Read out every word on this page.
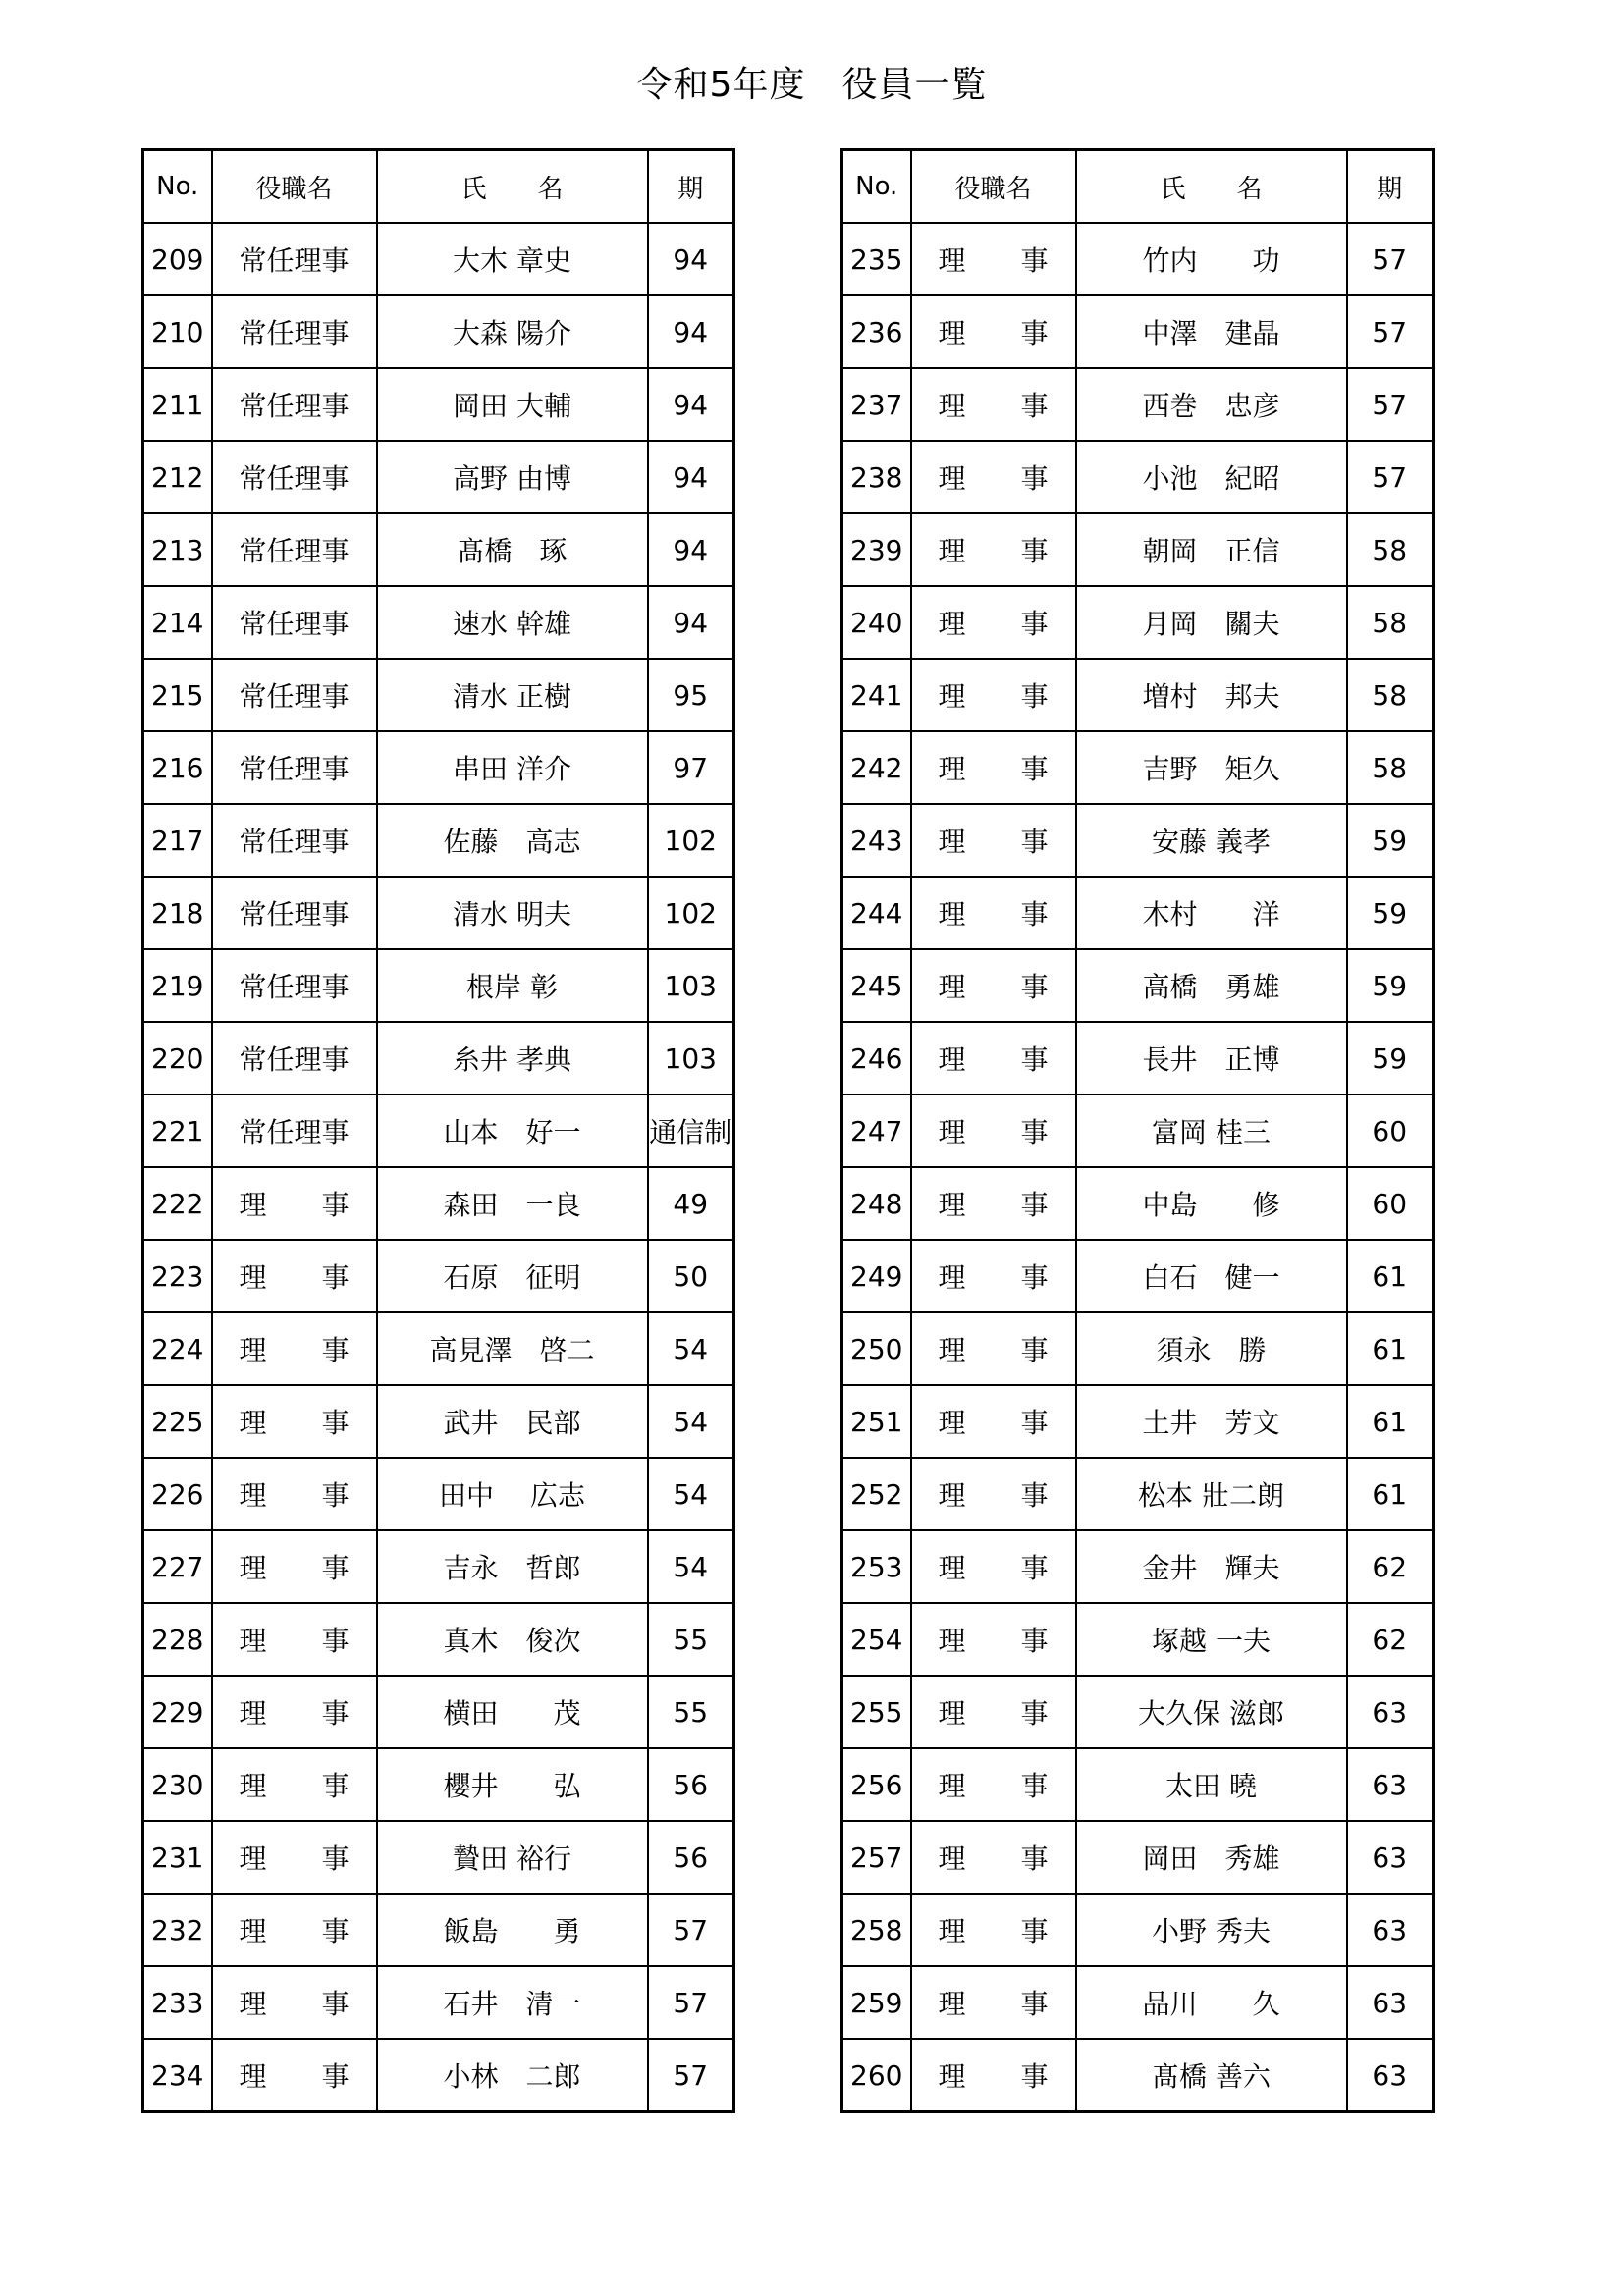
令和5年度　役員一覧
No.	役職名	氏　　名	期
209	常任理事	大木 章史	94
210	常任理事	大森 陽介	94
211	常任理事	岡田 大輔	94
212	常任理事	高野 由博	94
213	常任理事	髙橋　琢	94
214	常任理事	速水 幹雄	94
215	常任理事	清水 正樹	95
216	常任理事	串田 洋介	97
217	常任理事	佐藤　高志	102
218	常任理事	清水 明夫	102
219	常任理事	根岸 彰	103
220	常任理事	糸井 孝典	103
221	常任理事	山本　好一	通信制
222	理　　事	森田　一良	49
223	理　　事	石原　征明	50
224	理　　事	高見澤　啓二	54
225	理　　事	武井　民部	54
226	理　　事	田中　 広志	54
227	理　　事	吉永　哲郎	54
228	理　　事	真木　俊次	55
229	理　　事	横田　　茂	55
230	理　　事	櫻井　　弘	56
231	理　　事	贄田 裕行	56
232	理　　事	飯島　　勇	57
233	理　　事	石井　清一	57
234	理　　事	小林　二郎	57
No.	役職名	氏　　名	期
235	理　　事	竹内　　功	57
236	理　　事	中澤　建晶	57
237	理　　事	西巻　忠彦	57
238	理　　事	小池　紀昭	57
239	理　　事	朝岡　正信	58
240	理　　事	月岡　關夫	58
241	理　　事	増村　邦夫	58
242	理　　事	吉野　矩久	58
243	理　　事	安藤 義孝	59
244	理　　事	木村　　洋	59
245	理　　事	高橋　勇雄	59
246	理　　事	長井　正博	59
247	理　　事	富岡 桂三	60
248	理　　事	中島　　修	60
249	理　　事	白石　健一	61
250	理　　事	須永　勝	61
251	理　　事	土井　芳文	61
252	理　　事	松本 壯二朗	61
253	理　　事	金井　輝夫	62
254	理　　事	塚越 一夫	62
255	理　　事	大久保 滋郎	63
256	理　　事	太田 曉	63
257	理　　事	岡田　秀雄	63
258	理　　事	小野 秀夫	63
259	理　　事	品川　　久	63
260	理　　事	髙橋 善六	63
